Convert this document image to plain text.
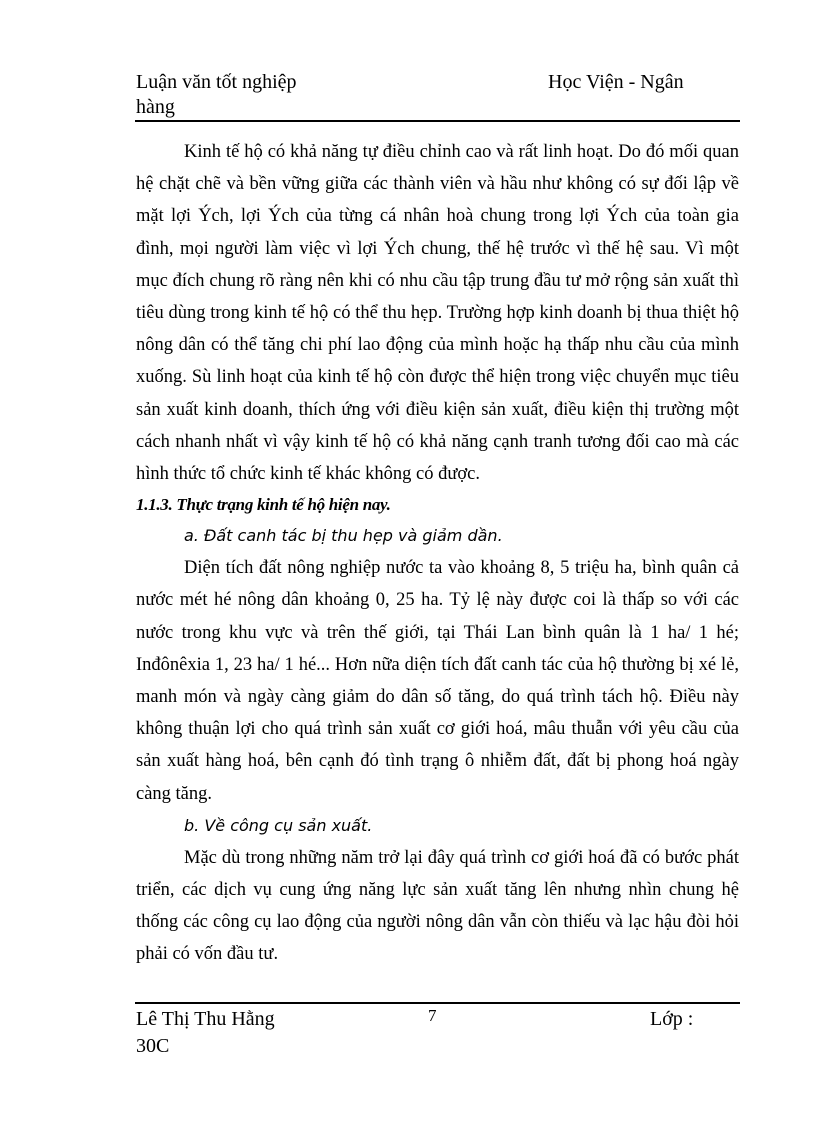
Luận văn tốt nghiệp	Học Viện - Ngân
hàng

Kinh tế hộ có khả năng tự điều chỉnh cao và rất linh hoạt. Do đó mối quan hệ chặt chẽ và bền vững giữa các thành viên và hầu như không có sự đối lập về mặt lợi Ých, lợi Ých của từng cá nhân hoà chung trong lợi Ých của toàn gia đình, mọi người làm việc vì lợi Ých chung, thế hệ trước vì thế hệ sau. Vì một mục đích chung rõ ràng nên khi có nhu cầu tập trung đầu tư mở rộng sản xuất thì tiêu dùng trong kinh tế hộ có thể thu hẹp. Trường hợp kinh doanh bị thua thiệt hộ nông dân có thể tăng chi phí lao động của mình hoặc hạ thấp nhu cầu của mình xuống. Sù linh hoạt của kinh tế hộ còn được thể hiện trong việc chuyển mục tiêu sản xuất kinh doanh, thích ứng với điều kiện sản xuất, điều kiện thị trường một cách nhanh nhất vì vậy kinh tế hộ có khả năng cạnh tranh tương đối cao mà các hình thức tổ chức kinh tế khác không có được.

1.1.3. Thực trạng kinh tế hộ hiện nay.

a. Đất canh tác bị thu hẹp và giảm dần.

Diện tích đất nông nghiệp nước ta vào khoảng 8, 5 triệu ha, bình quân cả nước mét hé nông dân khoảng 0, 25 ha. Tỷ lệ này được coi là thấp so với các nước trong khu vực và trên thế giới, tại Thái Lan bình quân là 1 ha/ 1 hé; Inđônêxia 1, 23 ha/ 1 hé... Hơn nữa diện tích đất canh tác của hộ thường bị xé lẻ, manh món và ngày càng giảm do dân số tăng, do quá trình tách hộ. Điều này không thuận lợi cho quá trình sản xuất cơ giới hoá, mâu thuẫn với yêu cầu của sản xuất hàng hoá, bên cạnh đó tình trạng ô nhiễm đất, đất bị phong hoá ngày càng tăng.

b. Về công cụ sản xuất.

Mặc dù trong những năm trở lại đây quá trình cơ giới hoá đã có bước phát triển, các dịch vụ cung ứng năng lực sản xuất tăng lên nhưng nhìn chung hệ thống các công cụ lao động của người nông dân vẫn còn thiếu và lạc hậu đòi hỏi phải có vốn đầu tư.

Lê Thị Thu Hằng	7	Lớp :
30C
